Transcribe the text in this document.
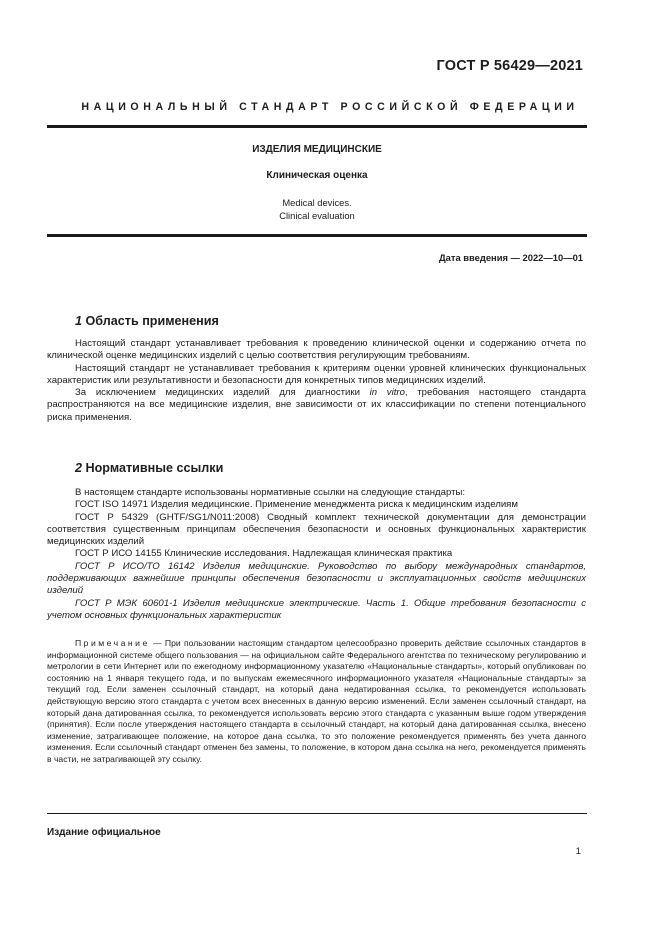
ГОСТ Р 56429—2021
НАЦИОНАЛЬНЫЙ СТАНДАРТ РОССИЙСКОЙ ФЕДЕРАЦИИ
ИЗДЕЛИЯ МЕДИЦИНСКИЕ
Клиническая оценка
Medical devices.
Clinical evaluation
Дата введения — 2022—10—01
1 Область применения

Настоящий стандарт устанавливает требования к проведению клинической оценки и содержанию отчета по клинической оценке медицинских изделий с целью соответствия регулирующим требованиям.

Настоящий стандарт не устанавливает требования к критериям оценки уровней клинических функциональных характеристик или результативности и безопасности для конкретных типов медицинских изделий.

За исключением медицинских изделий для диагностики in vitro, требования настоящего стандарта распространяются на все медицинские изделия, вне зависимости от их классификации по степени потенциального риска применения.

2 Нормативные ссылки

В настоящем стандарте использованы нормативные ссылки на следующие стандарты:

ГОСТ ISO 14971 Изделия медицинские. Применение менеджмента риска к медицинским изделиям

ГОСТ Р 54329 (GHTF/SG1/N011:2008) Сводный комплект технической документации для демонстрации соответствия существенным принципам обеспечения безопасности и основных функциональных характеристик медицинских изделий

ГОСТ Р ИСО 14155 Клинические исследования. Надлежащая клиническая практика

ГОСТ Р ИСО/ТО 16142 Изделия медицинские. Руководство по выбору международных стандартов, поддерживающих важнейшие принципы обеспечения безопасности и эксплуатационных свойств медицинских изделий

ГОСТ Р МЭК 60601-1 Изделия медицинские электрические. Часть 1. Общие требования безопасности с учетом основных функциональных характеристик

Примечание — При пользовании настоящим стандартом целесообразно проверить действие ссылочных стандартов в информационной системе общего пользования — на официальном сайте Федерального агентства по техническому регулированию и метрологии в сети Интернет или по ежегодному информационному указателю «Национальные стандарты», который опубликован по состоянию на 1 января текущего года, и по выпускам ежемесячного информационного указателя «Национальные стандарты» за текущий год. Если заменен ссылочный стандарт, на который дана недатированная ссылка, то рекомендуется использовать действующую версию этого стандарта с учетом всех внесенных в данную версию изменений. Если заменен ссылочный стандарт, на который дана датированная ссылка, то рекомендуется использовать версию этого стандарта с указанным выше годом утверждения (принятия). Если после утверждения настоящего стандарта в ссылочный стандарт, на который дана датированная ссылка, внесено изменение, затрагивающее положение, на которое дана ссылка, то это положение рекомендуется применять без учета данного изменения. Если ссылочный стандарт отменен без замены, то положение, в котором дана ссылка на него, рекомендуется применять в части, не затрагивающей эту ссылку.

Издание официальное
1
